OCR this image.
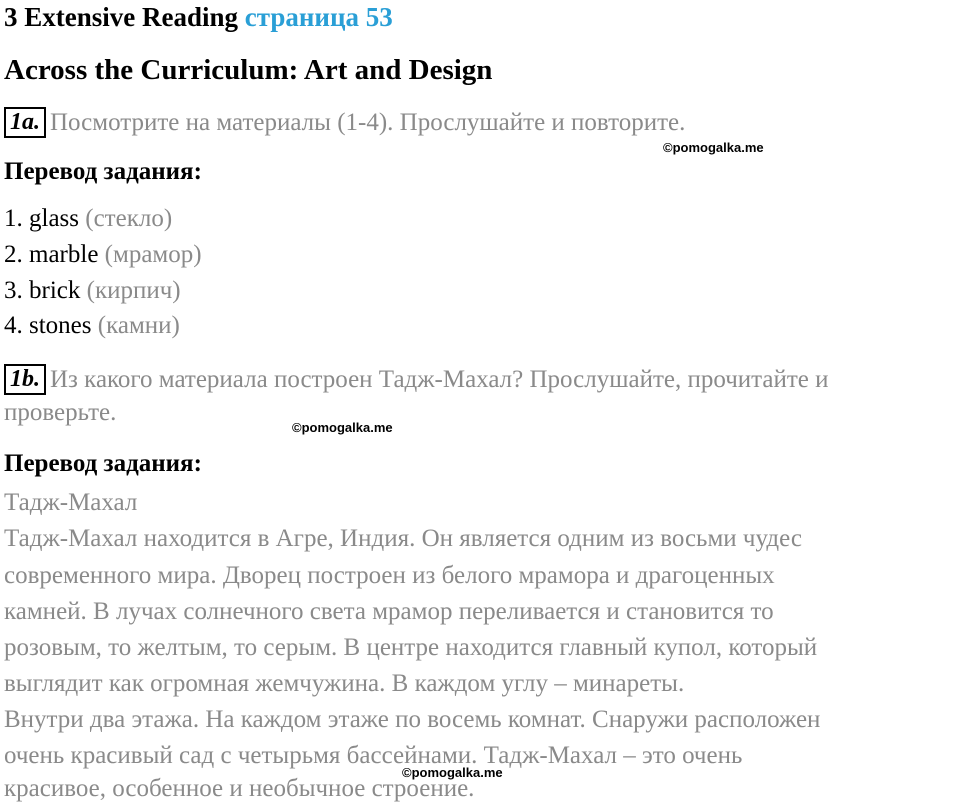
3 Extensive Reading страница 53
Across the Curriculum: Art and Design
1a. Посмотрите на материалы (1-4). Прослушайте и повторите.
©pomogalka.me
Перевод задания:
1. glass (стекло)
2. marble (мрамор)
3. brick (кирпич)
4. stones (камни)
1b. Из какого материала построен Тадж-Махал? Прослушайте, прочитайте и
проверьте.
©pomogalka.me
Перевод задания:
Тадж-Махал
Тадж-Махал находится в Агре, Индия. Он является одним из восьми чудес
современного мира. Дворец построен из белого мрамора и драгоценных
камней. В лучах солнечного света мрамор переливается и становится то
розовым, то желтым, то серым. В центре находится главный купол, который
выглядит как огромная жемчужина. В каждом углу – минареты.
Внутри два этажа. На каждом этаже по восемь комнат. Снаружи расположен
очень красивый сад с четырьмя бассейнами. Тадж-Махал – это очень
красивое, особенное и необычное строение.
©pomogalka.me
